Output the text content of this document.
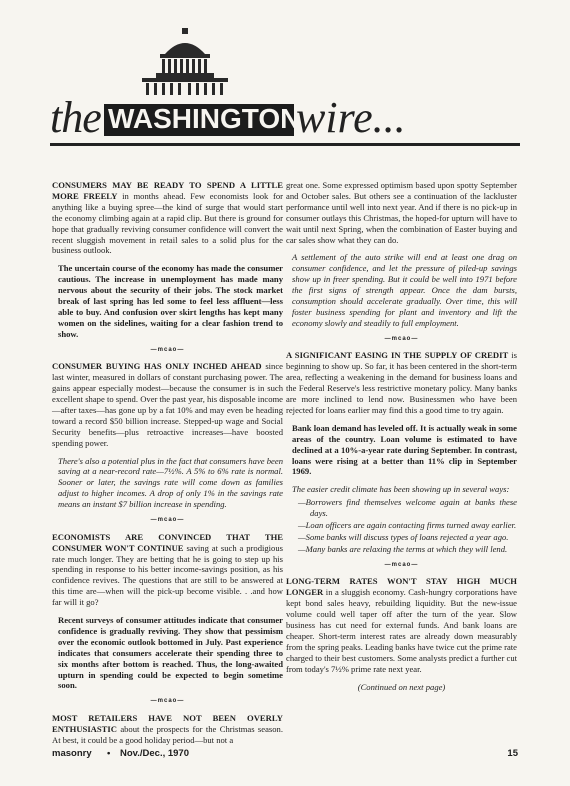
the WASHINGTON
wire...

CONSUMERS MAY BE READY TO SPEND A LITTLE MORE FREELY in months ahead. Few economists look for anything like a buying spree—the kind of surge that would start the economy climbing again at a rapid clip. But there is ground for hope that gradually reviving consumer confidence will convert the recent sluggish movement in retail sales to a solid plus for the business outlook.

The uncertain course of the economy has made the consumer cautious. The increase in unemployment has made many nervous about the security of their jobs. The stock market break of last spring has led some to feel less affluent—less able to buy. And confusion over skirt lengths has kept many women on the sidelines, waiting for a clear fashion trend to show.

—mcao—

CONSUMER BUYING HAS ONLY INCHED AHEAD since last winter, measured in dollars of constant purchasing power. The gains appear especially modest—because the consumer is in such excellent shape to spend. Over the past year, his disposable income—after taxes—has gone up by a fat 10% and may even be heading toward a record $50 billion increase. Stepped-up wage and Social Security benefits—plus retroactive increases—have boosted spending power.

There's also a potential plus in the fact that consumers have been saving at a near-record rate—7½%. A 5% to 6% rate is normal. Sooner or later, the savings rate will come down as families adjust to higher incomes. A drop of only 1% in the savings rate means an instant $7 billion increase in spending.

—mcao—

ECONOMISTS ARE CONVINCED THAT THE CONSUMER WON'T CONTINUE saving at such a prodigious rate much longer. They are betting that he is going to step up his spending in response to his better income-savings position, as his confidence revives. The questions that are still to be answered at this time are—when will the pick-up become visible. . .and how far will it go?

Recent surveys of consumer attitudes indicate that consumer confidence is gradually reviving. They show that pessimism over the economic outlook bottomed in July. Past experience indicates that consumers accelerate their spending three to six months after bottom is reached. Thus, the long-awaited upturn in spending could be expected to begin sometime soon.

—mcao—

MOST RETAILERS HAVE NOT BEEN OVERLY ENTHUSIASTIC about the prospects for the Christmas season. At best, it could be a good holiday period—but not a

great one. Some expressed optimism based upon spotty September and October sales. But others see a continuation of the lackluster performance until well into next year. And if there is no pick-up in consumer outlays this Christmas, the hoped-for upturn will have to wait until next Spring, when the combination of Easter buying and car sales show what they can do.

A settlement of the auto strike will end at least one drag on consumer confidence, and let the pressure of piled-up savings show up in freer spending. But it could be well into 1971 before the first signs of strength appear. Once the dam bursts, consumption should accelerate gradually. Over time, this will foster business spending for plant and inventory and lift the economy slowly and steadily to full employment.

—mcao—

A SIGNIFICANT EASING IN THE SUPPLY OF CREDIT is beginning to show up. So far, it has been centered in the short-term area, reflecting a weakening in the demand for business loans and the Federal Reserve's less restrictive monetary policy. Many banks are more inclined to lend now. Businessmen who have been rejected for loans earlier may find this a good time to try again.

Bank loan demand has leveled off. It is actually weak in some areas of the country. Loan volume is estimated to have declined at a 10%-a-year rate during September. In contrast, loans were rising at a better than 11% clip in September 1969.

The easier credit climate has been showing up in several ways:
—Borrowers find themselves welcome again at banks these days.
—Loan officers are again contacting firms turned away earlier.
—Some banks will discuss types of loans rejected a year ago.
—Many banks are relaxing the terms at which they will lend.
—mcao—

LONG-TERM RATES WON'T STAY HIGH MUCH LONGER in a sluggish economy. Cash-hungry corporations have kept bond sales heavy, rebuilding liquidity. But the new-issue volume could well taper off after the turn of the year. Slow business has cut need for external funds. And bank loans are cheaper. Short-term interest rates are already down measurably from the spring peaks. Leading banks have twice cut the prime rate charged to their best customers. Some analysts predict a further cut from today's 7½% prime rate next year.

(Continued on next page)
masonry • Nov./Dec., 1970	15
